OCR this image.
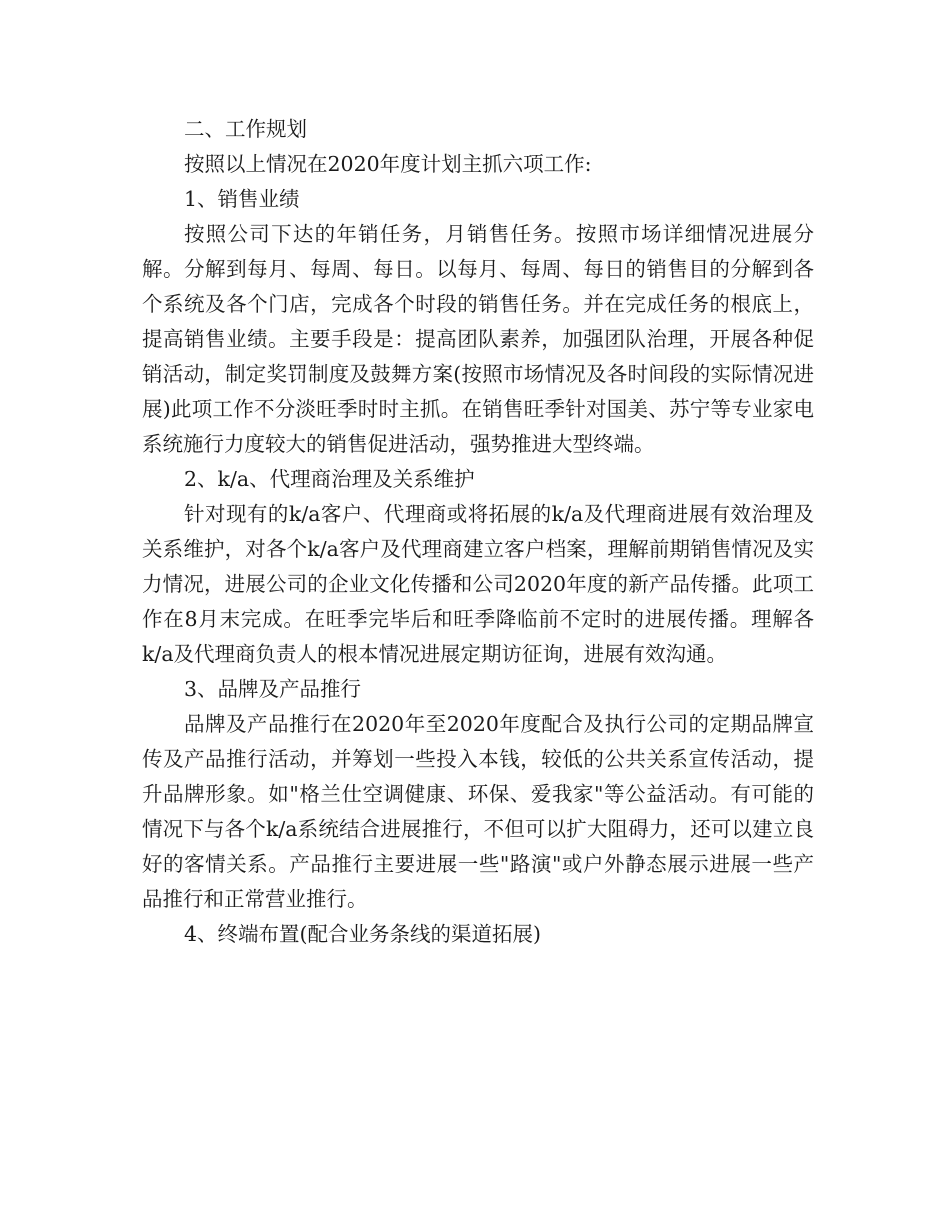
二、工作规划

按照以上情况在2020年度计划主抓六项工作:

1、销售业绩

按照公司下达的年销任务，月销售任务。按照市场详细情况进展分解。分解到每月、每周、每日。以每月、每周、每日的销售目的分解到各个系统及各个门店，完成各个时段的销售任务。并在完成任务的根底上，提高销售业绩。主要手段是：提高团队素养，加强团队治理，开展各种促销活动，制定奖罚制度及鼓舞方案(按照市场情况及各时间段的实际情况进展)此项工作不分淡旺季时时主抓。在销售旺季针对国美、苏宁等专业家电系统施行力度较大的销售促进活动，强势推进大型终端。

2、k/a、代理商治理及关系维护

针对现有的k/a客户、代理商或将拓展的k/a及代理商进展有效治理及关系维护，对各个k/a客户及代理商建立客户档案，理解前期销售情况及实力情况，进展公司的企业文化传播和公司2020年度的新产品传播。此项工作在8月末完成。在旺季完毕后和旺季降临前不定时的进展传播。理解各k/a及代理商负责人的根本情况进展定期访征询，进展有效沟通。

3、品牌及产品推行

品牌及产品推行在2020年至2020年度配合及执行公司的定期品牌宣传及产品推行活动，并筹划一些投入本钱，较低的公共关系宣传活动，提升品牌形象。如"格兰仕空调健康、环保、爱我家"等公益活动。有可能的情况下与各个k/a系统结合进展推行，不但可以扩大阻碍力，还可以建立良好的客情关系。产品推行主要进展一些"路演"或户外静态展示进展一些产品推行和正常营业推行。

4、终端布置(配合业务条线的渠道拓展)
